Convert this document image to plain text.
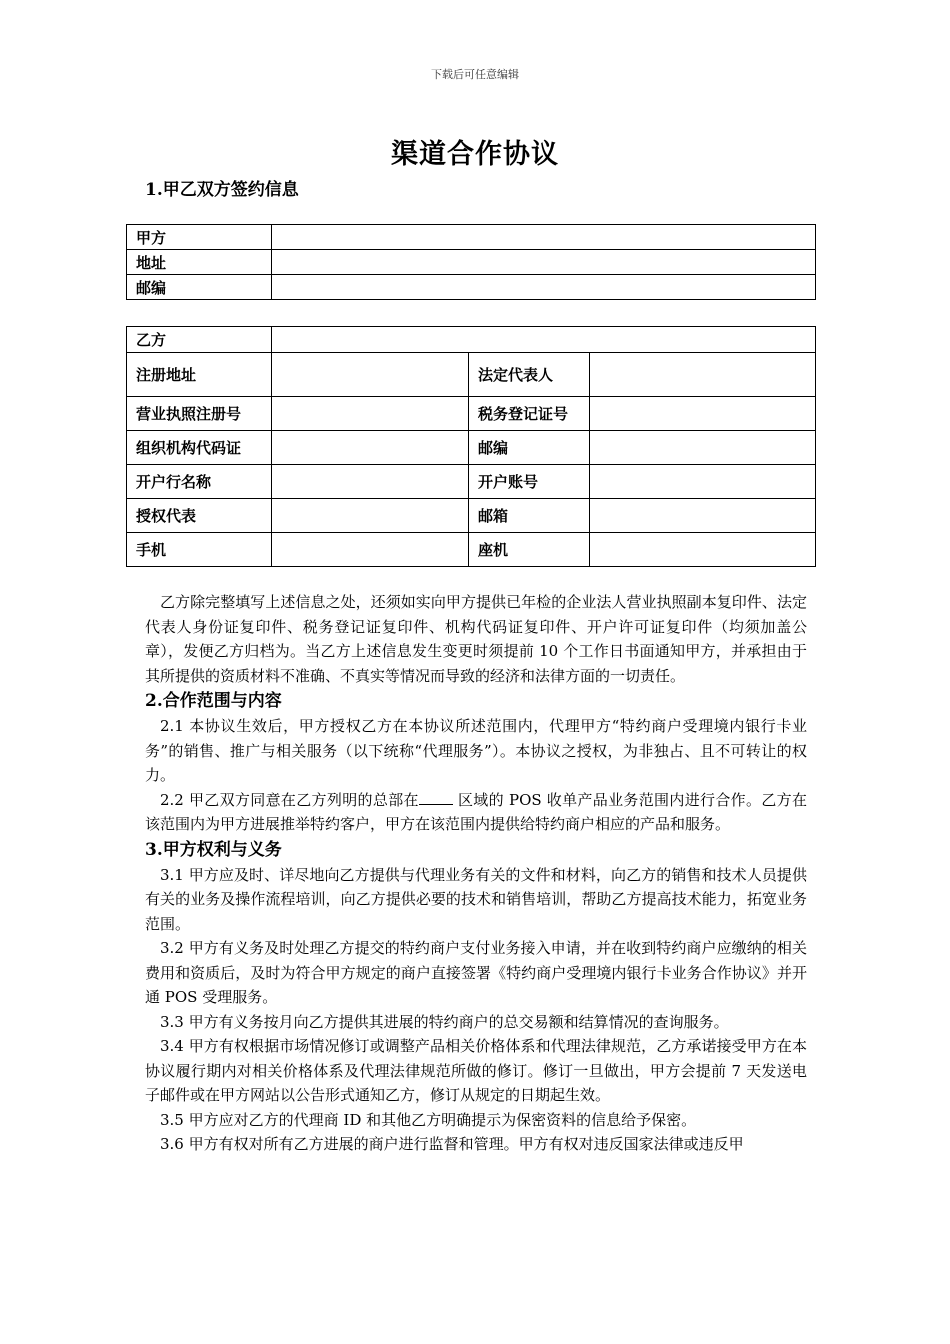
下载后可任意编辑
渠道合作协议
1.甲乙双方签约信息
甲方	
地址	
邮编	
乙方			
注册地址		法定代表人	
营业执照注册号		税务登记证号	
组织机构代码证		邮编	
开户行名称		开户账号	
授权代表		邮箱	
手机		座机	

乙方除完整填写上述信息之处，还须如实向甲方提供已年检的企业法人营业执照副本复印件、法定代表人身份证复印件、税务登记证复印件、机构代码证复印件、开户许可证复印件（均须加盖公章），发便乙方归档为。当乙方上述信息发生变更时须提前 10 个工作日书面通知甲方，并承担由于其所提供的资质材料不准确、不真实等情况而导致的经济和法律方面的一切责任。

2.合作范围与内容

2.1 本协议生效后，甲方授权乙方在本协议所述范围内，代理甲方“特约商户受理境内银行卡业务”的销售、推广与相关服务（以下统称“代理服务”）。本协议之授权，为非独占、且不可转让的权力。

2.2 甲乙双方同意在乙方列明的总部在 区域的 POS 收单产品业务范围内进行合作。乙方在该范围内为甲方进展推举特约客户，甲方在该范围内提供给特约商户相应的产品和服务。

3.甲方权利与义务

3.1 甲方应及时、详尽地向乙方提供与代理业务有关的文件和材料，向乙方的销售和技术人员提供有关的业务及操作流程培训，向乙方提供必要的技术和销售培训，帮助乙方提高技术能力，拓宽业务范围。

3.2 甲方有义务及时处理乙方提交的特约商户支付业务接入申请，并在收到特约商户应缴纳的相关费用和资质后，及时为符合甲方规定的商户直接签署《特约商户受理境内银行卡业务合作协议》并开通 POS 受理服务。

3.3 甲方有义务按月向乙方提供其进展的特约商户的总交易额和结算情况的查询服务。

3.4 甲方有权根据市场情况修订或调整产品相关价格体系和代理法律规范，乙方承诺接受甲方在本协议履行期内对相关价格体系及代理法律规范所做的修订。修订一旦做出，甲方会提前 7 天发送电子邮件或在甲方网站以公告形式通知乙方，修订从规定的日期起生效。

3.5 甲方应对乙方的代理商 ID 和其他乙方明确提示为保密资料的信息给予保密。

3.6 甲方有权对所有乙方进展的商户进行监督和管理。甲方有权对违反国家法律或违反甲
